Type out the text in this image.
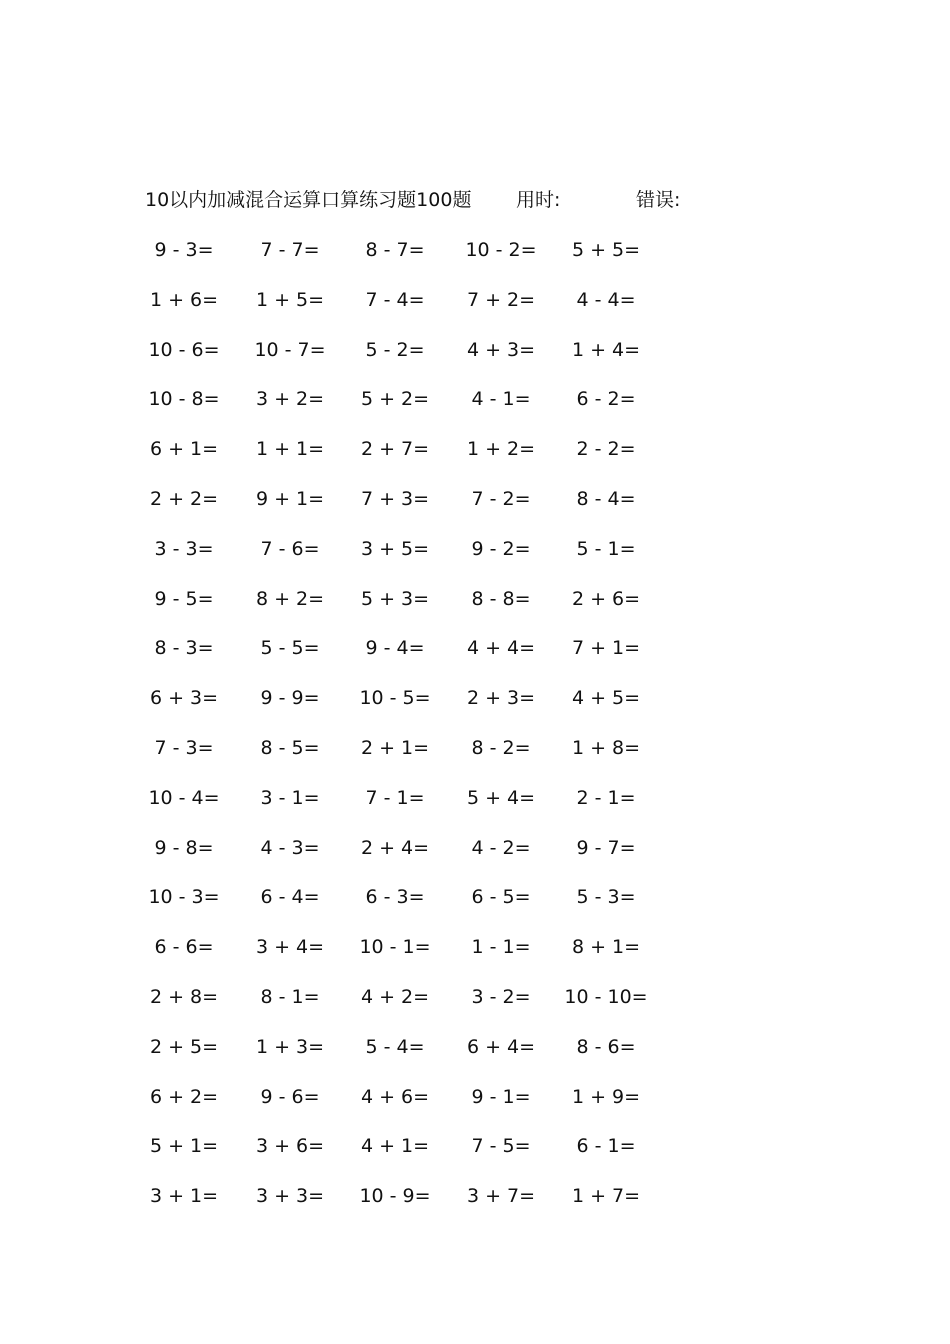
10以内加减混合运算口算练习题100题 用时:	错误:
9 - 3=	7 - 7=	8 - 7=	10 - 2=	5 + 5=
1 + 6=	1 + 5=	7 - 4=	7 + 2=	4 - 4=
10 - 6=	10 - 7=	5 - 2=	4 + 3=	1 + 4=
10 - 8=	3 + 2=	5 + 2=	4 - 1=	6 - 2=
6 + 1=	1 + 1=	2 + 7=	1 + 2=	2 - 2=
2 + 2=	9 + 1=	7 + 3=	7 - 2=	8 - 4=
3 - 3=	7 - 6=	3 + 5=	9 - 2=	5 - 1=
9 - 5=	8 + 2=	5 + 3=	8 - 8=	2 + 6=
8 - 3=	5 - 5=	9 - 4=	4 + 4=	7 + 1=
6 + 3=	9 - 9=	10 - 5=	2 + 3=	4 + 5=
7 - 3=	8 - 5=	2 + 1=	8 - 2=	1 + 8=
10 - 4=	3 - 1=	7 - 1=	5 + 4=	2 - 1=
9 - 8=	4 - 3=	2 + 4=	4 - 2=	9 - 7=
10 - 3=	6 - 4=	6 - 3=	6 - 5=	5 - 3=
6 - 6=	3 + 4=	10 - 1=	1 - 1=	8 + 1=
2 + 8=	8 - 1=	4 + 2=	3 - 2=	10 - 10=
2 + 5=	1 + 3=	5 - 4=	6 + 4=	8 - 6=
6 + 2=	9 - 6=	4 + 6=	9 - 1=	1 + 9=
5 + 1=	3 + 6=	4 + 1=	7 - 5=	6 - 1=
3 + 1=	3 + 3=	10 - 9=	3 + 7=	1 + 7=
